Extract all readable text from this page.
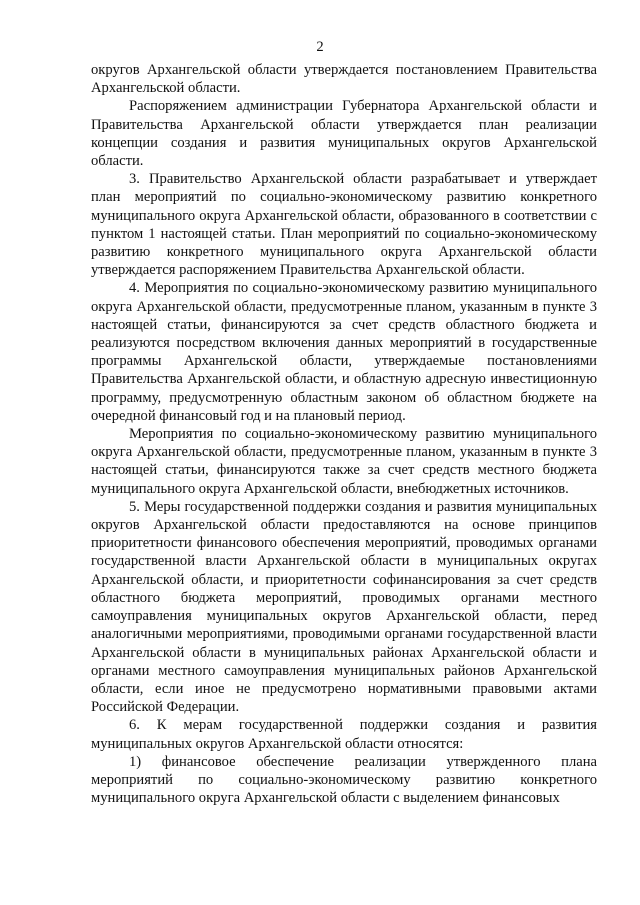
2

округов Архангельской области утверждается постановлением Правительства Архангельской области.

Распоряжением администрации Губернатора Архангельской области и Правительства Архангельской области утверждается план реализации концепции создания и развития муниципальных округов Архангельской области.

3. Правительство Архангельской области разрабатывает и утверждает план мероприятий по социально-экономическому развитию конкретного муниципального округа Архангельской области, образованного в соответствии с пунктом 1 настоящей статьи. План мероприятий по социально-экономическому развитию конкретного муниципального округа Архангельской области утверждается распоряжением Правительства Архангельской области.

4. Мероприятия по социально-экономическому развитию муниципального округа Архангельской области, предусмотренные планом, указанным в пункте 3 настоящей статьи, финансируются за счет средств областного бюджета и реализуются посредством включения данных мероприятий в государственные программы Архангельской области, утверждаемые постановлениями Правительства Архангельской области, и областную адресную инвестиционную программу, предусмотренную областным законом об областном бюджете на очередной финансовый год и на плановый период.

Мероприятия по социально-экономическому развитию муниципального округа Архангельской области, предусмотренные планом, указанным в пункте 3 настоящей статьи, финансируются также за счет средств местного бюджета муниципального округа Архангельской области, внебюджетных источников.

5. Меры государственной поддержки создания и развития муниципальных округов Архангельской области предоставляются на основе принципов приоритетности финансового обеспечения мероприятий, проводимых органами государственной власти Архангельской области в муниципальных округах Архангельской области, и приоритетности софинансирования за счет средств областного бюджета мероприятий, проводимых органами местного самоуправления муниципальных округов Архангельской области, перед аналогичными мероприятиями, проводимыми органами государственной власти Архангельской области в муниципальных районах Архангельской области и органами местного самоуправления муниципальных районов Архангельской области, если иное не предусмотрено нормативными правовыми актами Российской Федерации.

6. К мерам государственной поддержки создания и развития муниципальных округов Архангельской области относятся:

1) финансовое обеспечение реализации утвержденного плана мероприятий по социально-экономическому развитию конкретного муниципального округа Архангельской области с выделением финансовых
